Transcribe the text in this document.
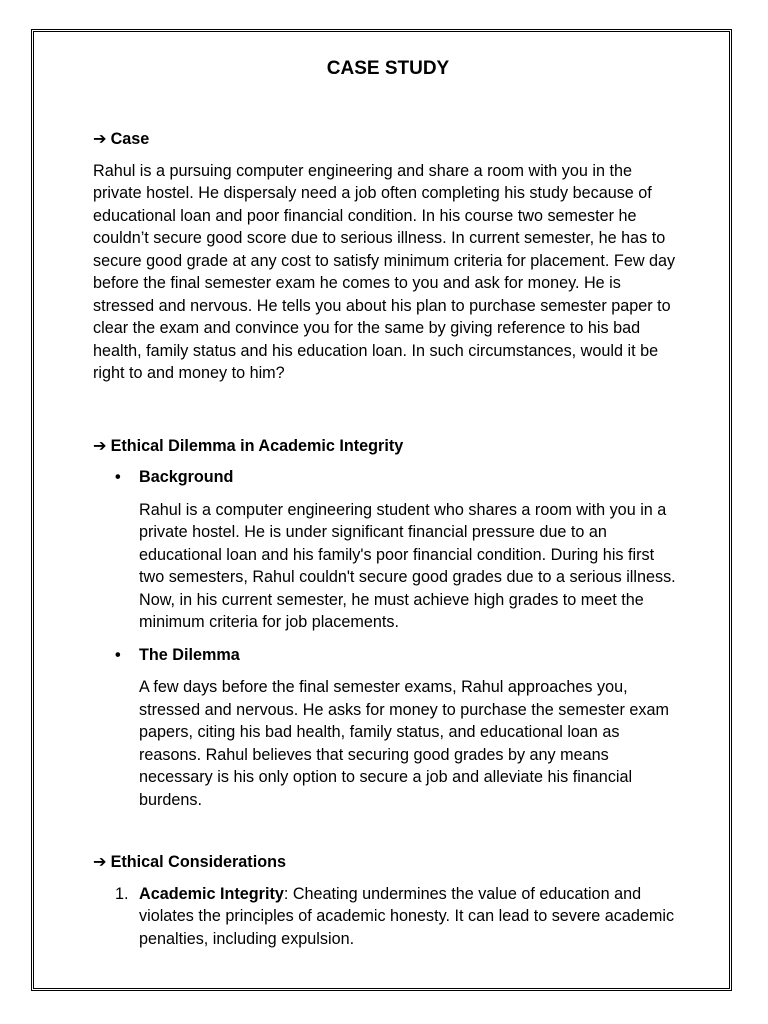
CASE STUDY
➔ Case
Rahul is a pursuing computer engineering and share a room with you in the private hostel. He dispersaly need a job often completing his study because of educational loan and poor financial condition. In his course two semester he couldn’t secure good score due to serious illness. In current semester, he has to secure good grade at any cost to satisfy minimum criteria for placement. Few day before the final semester exam he comes to you and ask for money. He is stressed and nervous. He tells you about his plan to purchase semester paper to clear the exam and convince you for the same by giving reference to his bad health, family status and his education loan. In such circumstances, would it be right to and money to him?
➔ Ethical Dilemma in Academic Integrity
• Background
Rahul is a computer engineering student who shares a room with you in a private hostel. He is under significant financial pressure due to an educational loan and his family's poor financial condition. During his first two semesters, Rahul couldn't secure good grades due to a serious illness. Now, in his current semester, he must achieve high grades to meet the minimum criteria for job placements.
• The Dilemma
A few days before the final semester exams, Rahul approaches you, stressed and nervous. He asks for money to purchase the semester exam papers, citing his bad health, family status, and educational loan as reasons. Rahul believes that securing good grades by any means necessary is his only option to secure a job and alleviate his financial burdens.
➔ Ethical Considerations
1. Academic Integrity: Cheating undermines the value of education and violates the principles of academic honesty. It can lead to severe academic penalties, including expulsion.
